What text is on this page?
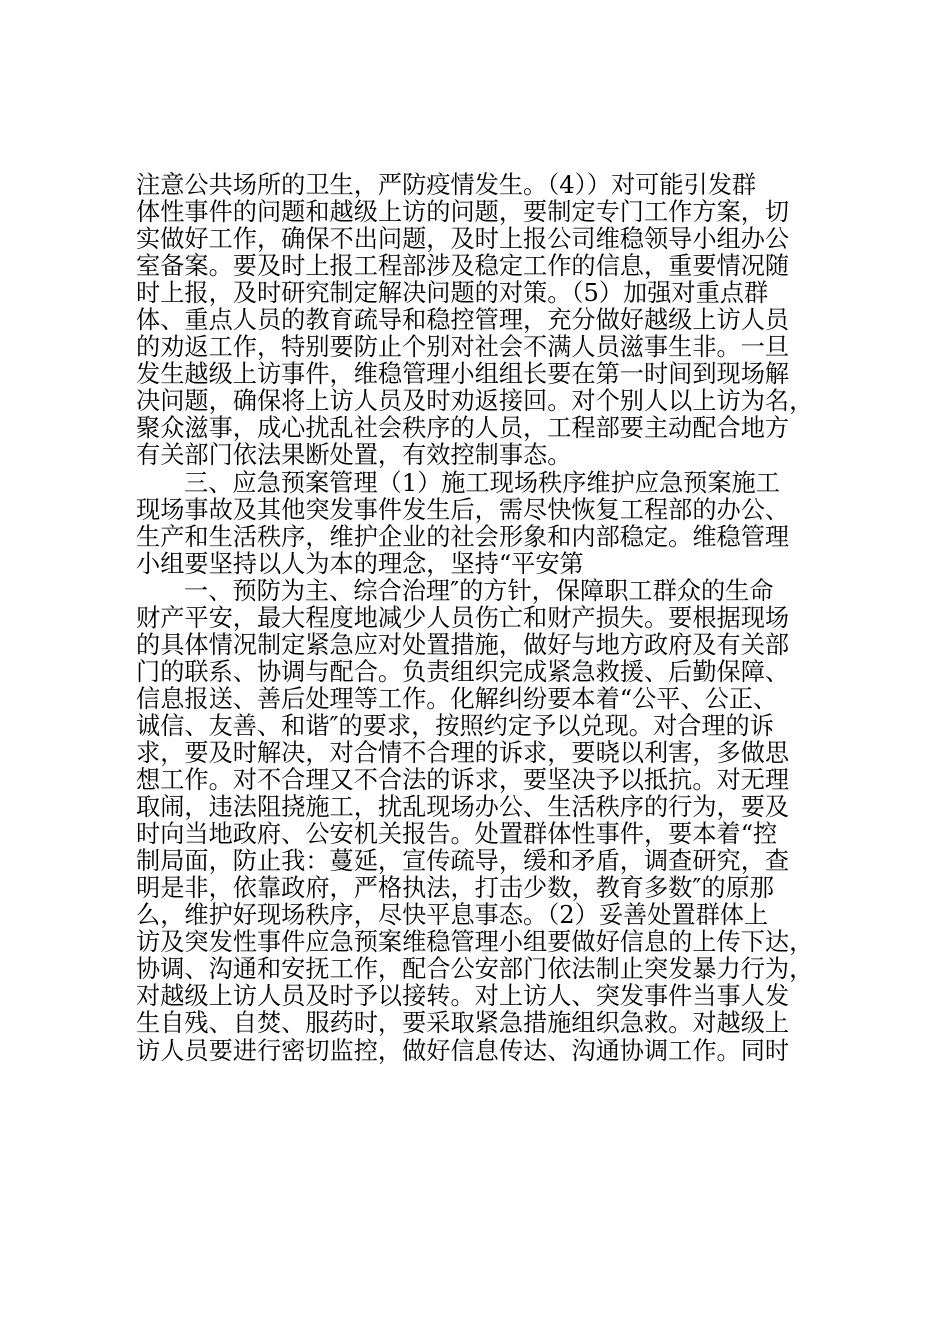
注意公共场所的卫生，严防疫情发生。（4））对可能引发群
体性事件的问题和越级上访的问题，要制定专门工作方案，切
实做好工作，确保不出问题，及时上报公司维稳领导小组办公
室备案。要及时上报工程部涉及稳定工作的信息，重要情况随
时上报，及时研究制定解决问题的对策。（5）加强对重点群
体、重点人员的教育疏导和稳控管理，充分做好越级上访人员
的劝返工作，特别要防止个别对社会不满人员滋事生非。一旦
发生越级上访事件，维稳管理小组组长要在第一时间到现场解
决问题，确保将上访人员及时劝返接回。对个别人以上访为名，
聚众滋事，成心扰乱社会秩序的人员，工程部要主动配合地方
有关部门依法果断处置，有效控制事态。
三、应急预案管理（1）施工现场秩序维护应急预案施工
现场事故及其他突发事件发生后，需尽快恢复工程部的办公、
生产和生活秩序，维护企业的社会形象和内部稳定。维稳管理
小组要坚持以人为本的理念，坚持“平安第
一、预防为主、综合治理″的方针，保障职工群众的生命
财产平安，最大程度地减少人员伤亡和财产损失。要根据现场
的具体情况制定紧急应对处置措施，做好与地方政府及有关部
门的联系、协调与配合。负责组织完成紧急救援、后勤保障、
信息报送、善后处理等工作。化解纠纷要本着“公平、公正、
诚信、友善、和谐″的要求，按照约定予以兑现。对合理的诉
求，要及时解决，对合情不合理的诉求，要晓以利害，多做思
想工作。对不合理又不合法的诉求，要坚决予以抵抗。对无理
取闹，违法阻挠施工，扰乱现场办公、生活秩序的行为，要及
时向当地政府、公安机关报告。处置群体性事件，要本着“控
制局面，防止我：蔓延，宣传疏导，缓和矛盾，调查研究，查
明是非，依靠政府，严格执法，打击少数，教育多数″的原那
么，维护好现场秩序，尽快平息事态。（2）妥善处置群体上
访及突发性事件应急预案维稳管理小组要做好信息的上传下达，
协调、沟通和安抚工作，配合公安部门依法制止突发暴力行为，
对越级上访人员及时予以接转。对上访人、突发事件当事人发
生自残、自焚、服药时，要采取紧急措施组织急救。对越级上
访人员要进行密切监控，做好信息传达、沟通协调工作。同时
